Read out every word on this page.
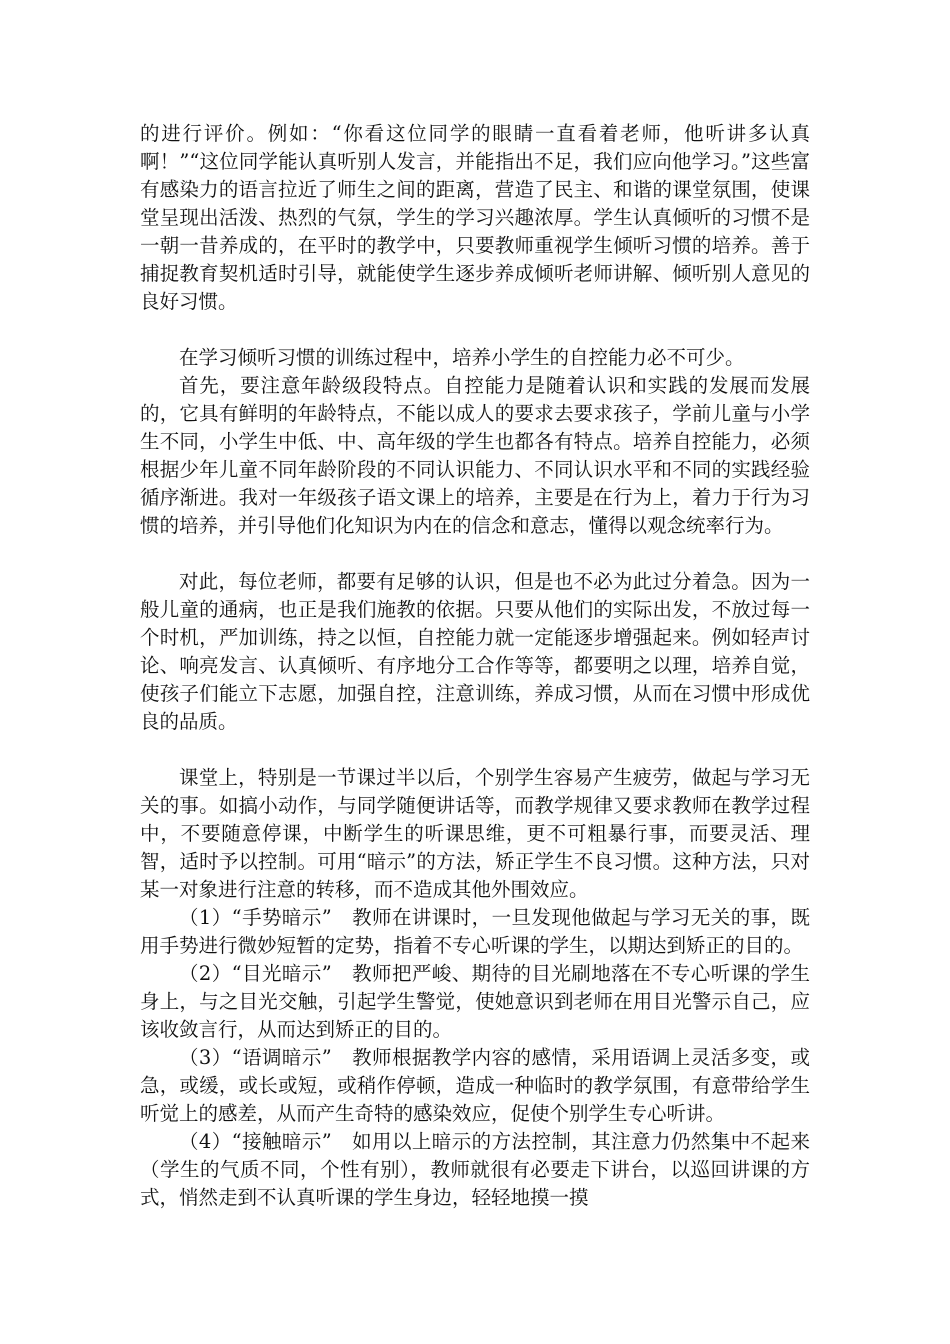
的进行评价。例如：“你看这位同学的眼睛一直看着老师，他听讲多认真啊！”“这位同学能认真听别人发言，并能指出不足，我们应向他学习。”这些富有感染力的语言拉近了师生之间的距离，营造了民主、和谐的课堂氛围，使课堂呈现出活泼、热烈的气氛，学生的学习兴趣浓厚。学生认真倾听的习惯不是一朝一昔养成的，在平时的教学中，只要教师重视学生倾听习惯的培养。善于捕捉教育契机适时引导，就能使学生逐步养成倾听老师讲解、倾听别人意见的良好习惯。

在学习倾听习惯的训练过程中，培养小学生的自控能力必不可少。

首先，要注意年龄级段特点。自控能力是随着认识和实践的发展而发展的，它具有鲜明的年龄特点，不能以成人的要求去要求孩子，学前儿童与小学生不同，小学生中低、中、高年级的学生也都各有特点。培养自控能力，必须根据少年儿童不同年龄阶段的不同认识能力、不同认识水平和不同的实践经验循序渐进。我对一年级孩子语文课上的培养，主要是在行为上，着力于行为习惯的培养，并引导他们化知识为内在的信念和意志，懂得以观念统率行为。

对此，每位老师，都要有足够的认识，但是也不必为此过分着急。因为一般儿童的通病，也正是我们施教的依据。只要从他们的实际出发，不放过每一个时机，严加训练，持之以恒，自控能力就一定能逐步增强起来。例如轻声讨论、响亮发言、认真倾听、有序地分工合作等等，都要明之以理，培养自觉，使孩子们能立下志愿，加强自控，注意训练，养成习惯，从而在习惯中形成优良的品质。

课堂上，特别是一节课过半以后，个别学生容易产生疲劳，做起与学习无关的事。如搞小动作，与同学随便讲话等，而教学规律又要求教师在教学过程中，不要随意停课，中断学生的听课思维，更不可粗暴行事，而要灵活、理智，适时予以控制。可用“暗示”的方法，矫正学生不良习惯。这种方法，只对某一对象进行注意的转移，而不造成其他外围效应。

（1）“手势暗示”　教师在讲课时，一旦发现他做起与学习无关的事，既用手势进行微妙短暂的定势，指着不专心听课的学生，以期达到矫正的目的。

（2）“目光暗示”　教师把严峻、期待的目光刷地落在不专心听课的学生身上，与之目光交触，引起学生警觉，使她意识到老师在用目光警示自己，应该收敛言行，从而达到矫正的目的。

（3）“语调暗示”　教师根据教学内容的感情，采用语调上灵活多变，或急，或缓，或长或短，或稍作停顿，造成一种临时的教学氛围，有意带给学生听觉上的感差，从而产生奇特的感染效应，促使个别学生专心听讲。

（4）“接触暗示”　如用以上暗示的方法控制，其注意力仍然集中不起来（学生的气质不同，个性有别），教师就很有必要走下讲台，以巡回讲课的方式，悄然走到不认真听课的学生身边，轻轻地摸一摸
